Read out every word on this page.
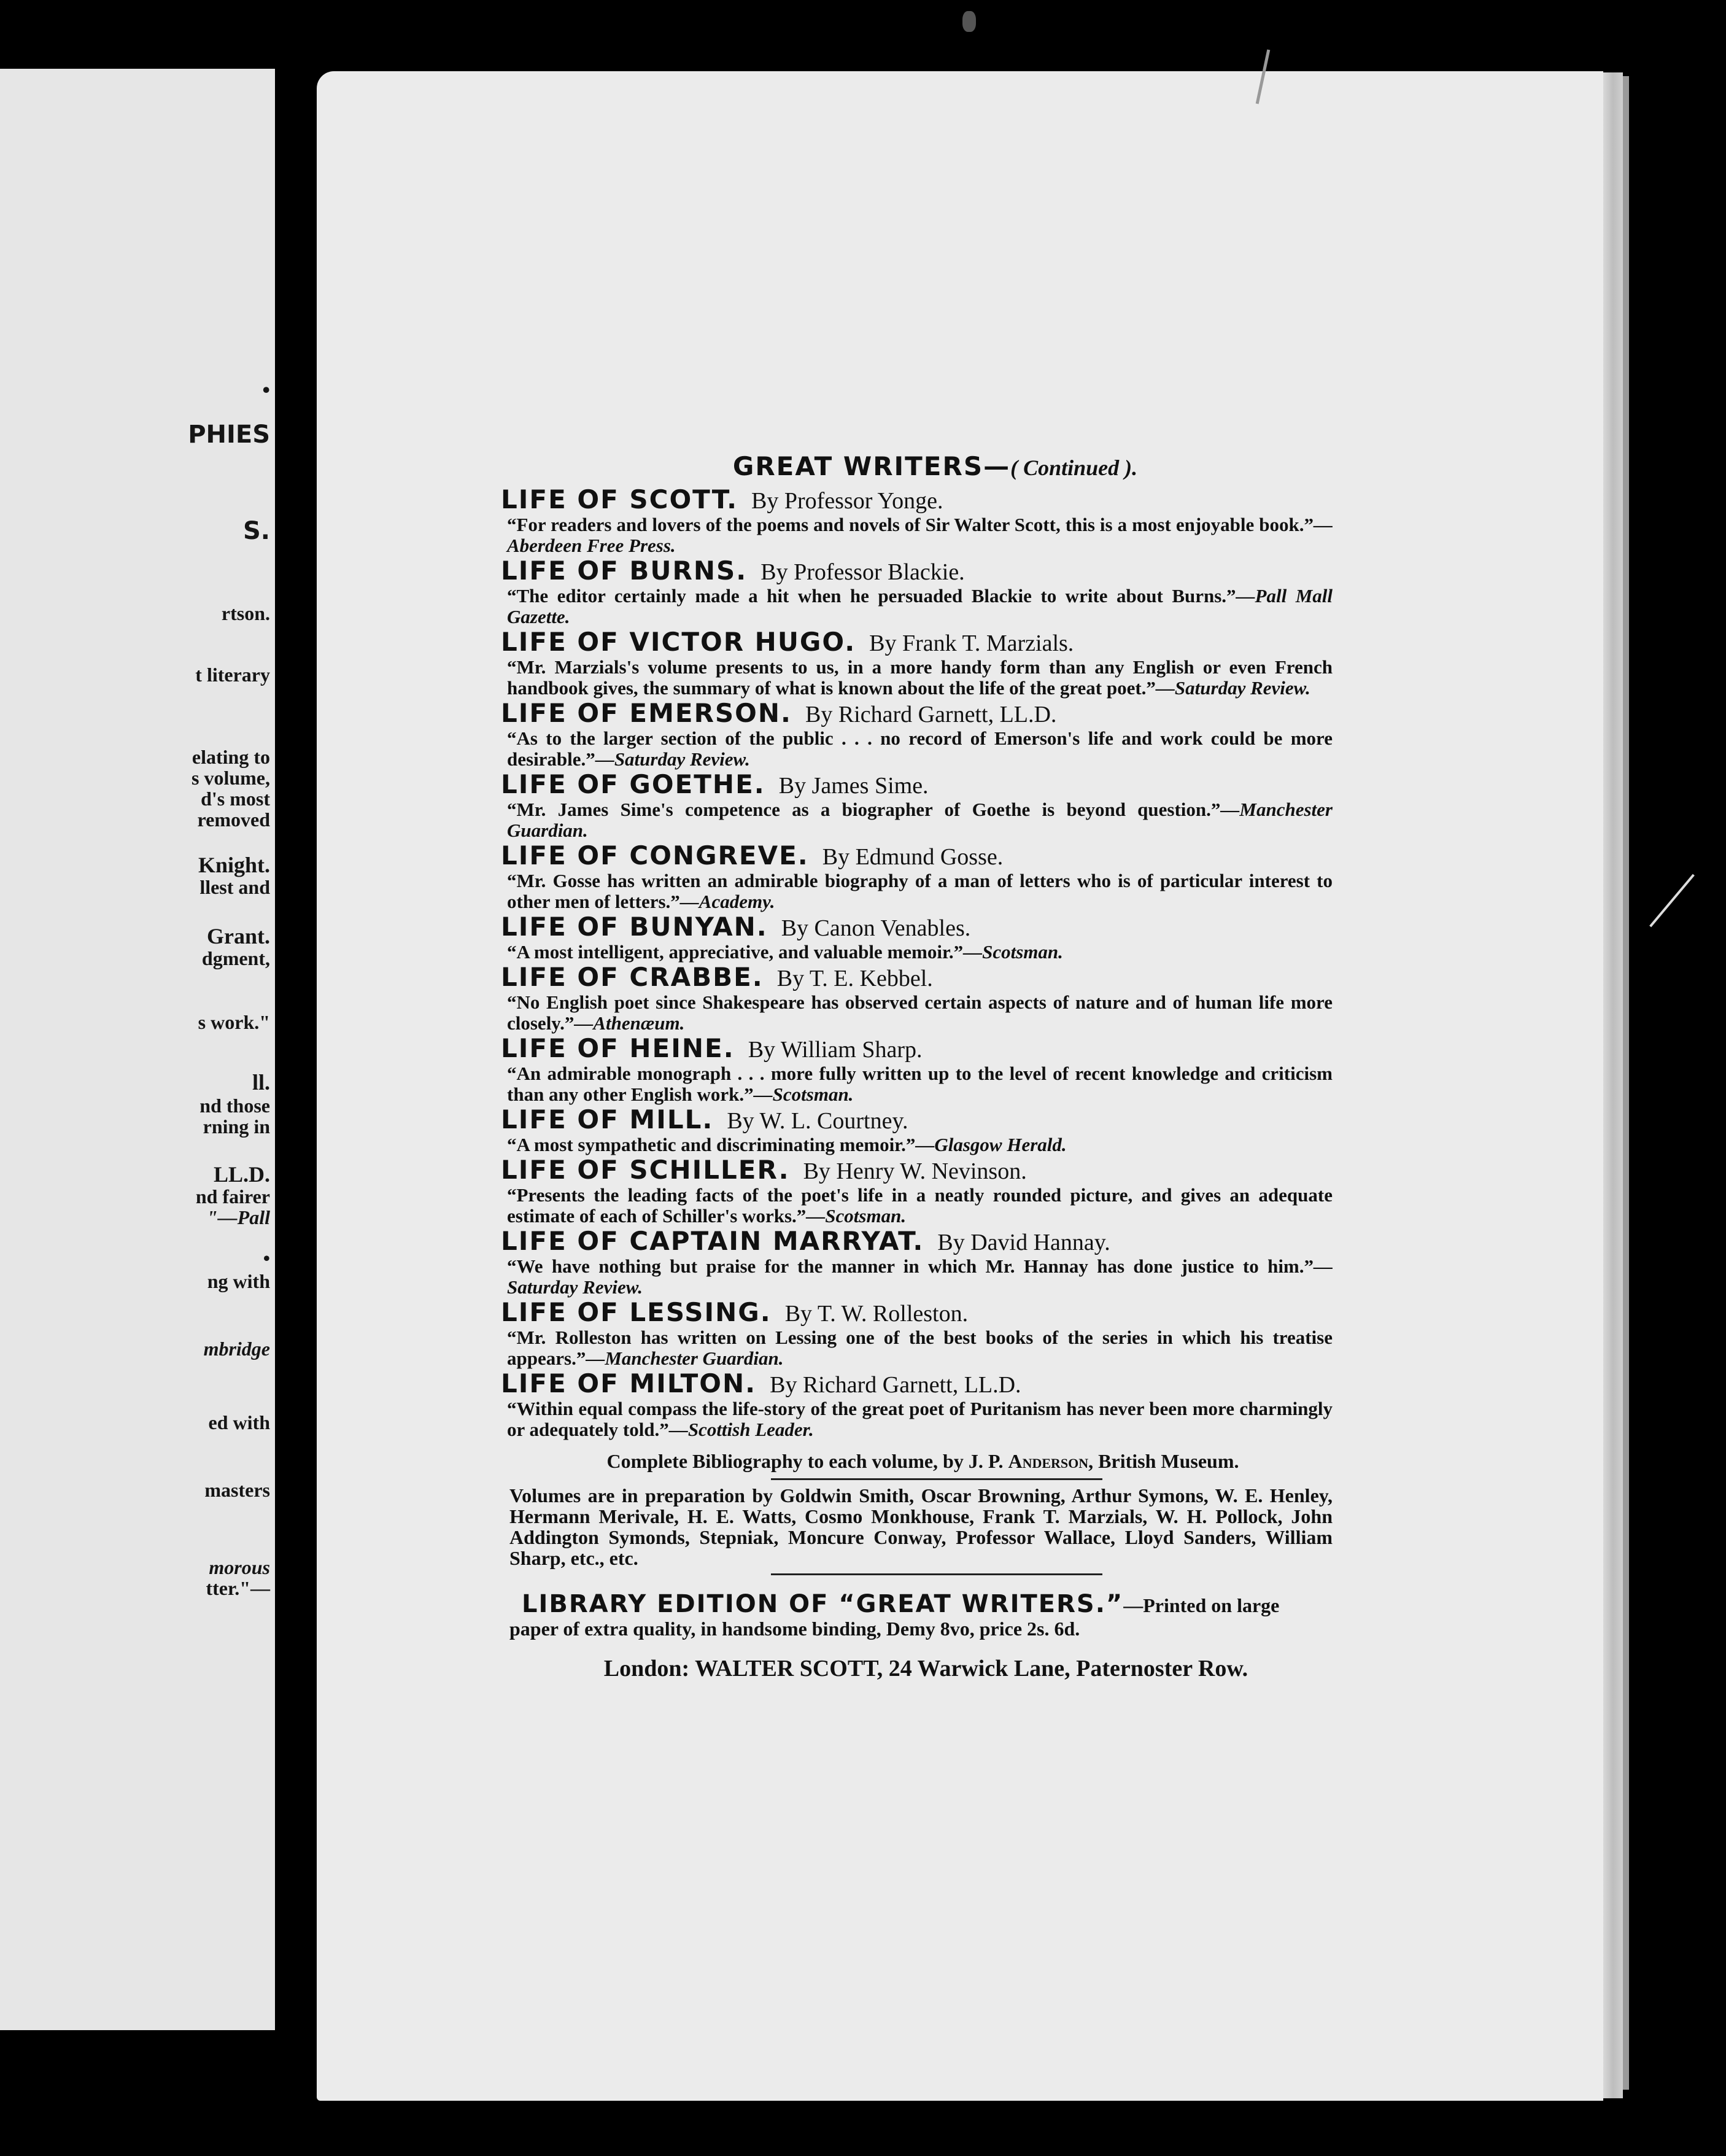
•
PHIES
S.
rtson.
t literary
elating to
s volume,
d's most
removed
Knight.
llest and
Grant.
dgment,
s work."
ll.
nd those
rning in
LL.D.
nd fairer
"—Pall
•
ng with
mbridge
ed with
masters
morous
tter."—
GREAT WRITERS—( Continued ).
LIFE OF SCOTT. By Professor Yonge.
“For readers and lovers of the poems and novels of Sir Walter Scott, this is a most enjoyable book.”—Aberdeen Free Press.
LIFE OF BURNS. By Professor Blackie.
“The editor certainly made a hit when he persuaded Blackie to write about Burns.”—Pall Mall Gazette.
LIFE OF VICTOR HUGO. By Frank T. Marzials.
“Mr. Marzials's volume presents to us, in a more handy form than any English or even French handbook gives, the summary of what is known about the life of the great poet.”—Saturday Review.
LIFE OF EMERSON. By Richard Garnett, LL.D.
“As to the larger section of the public . . . no record of Emerson's life and work could be more desirable.”—Saturday Review.
LIFE OF GOETHE. By James Sime.
“Mr. James Sime's competence as a biographer of Goethe is beyond question.”—Manchester Guardian.
LIFE OF CONGREVE. By Edmund Gosse.
“Mr. Gosse has written an admirable biography of a man of letters who is of particular interest to other men of letters.”—Academy.
LIFE OF BUNYAN. By Canon Venables.
“A most intelligent, appreciative, and valuable memoir.”—Scotsman.
LIFE OF CRABBE. By T. E. Kebbel.
“No English poet since Shakespeare has observed certain aspects of nature and of human life more closely.”—Athenæum.
LIFE OF HEINE. By William Sharp.
“An admirable monograph . . . more fully written up to the level of recent knowledge and criticism than any other English work.”—Scotsman.
LIFE OF MILL. By W. L. Courtney.
“A most sympathetic and discriminating memoir.”—Glasgow Herald.
LIFE OF SCHILLER. By Henry W. Nevinson.
“Presents the leading facts of the poet's life in a neatly rounded picture, and gives an adequate estimate of each of Schiller's works.”—Scotsman.
LIFE OF CAPTAIN MARRYAT. By David Hannay.
“We have nothing but praise for the manner in which Mr. Hannay has done justice to him.”—Saturday Review.
LIFE OF LESSING. By T. W. Rolleston.
“Mr. Rolleston has written on Lessing one of the best books of the series in which his treatise appears.”—Manchester Guardian.
LIFE OF MILTON. By Richard Garnett, LL.D.
“Within equal compass the life-story of the great poet of Puritanism has never been more charmingly or adequately told.”—Scottish Leader.
Complete Bibliography to each volume, by J. P. Anderson, British Museum.
Volumes are in preparation by Goldwin Smith, Oscar Browning, Arthur Symons, W. E. Henley, Hermann Merivale, H. E. Watts, Cosmo Monkhouse, Frank T. Marzials, W. H. Pollock, John Addington Symonds, Stepniak, Moncure Conway, Professor Wallace, Lloyd Sanders, William Sharp, etc., etc.
LIBRARY EDITION OF “GREAT WRITERS.”—Printed on large paper of extra quality, in handsome binding, Demy 8vo, price 2s. 6d.
London: WALTER SCOTT, 24 Warwick Lane, Paternoster Row.
